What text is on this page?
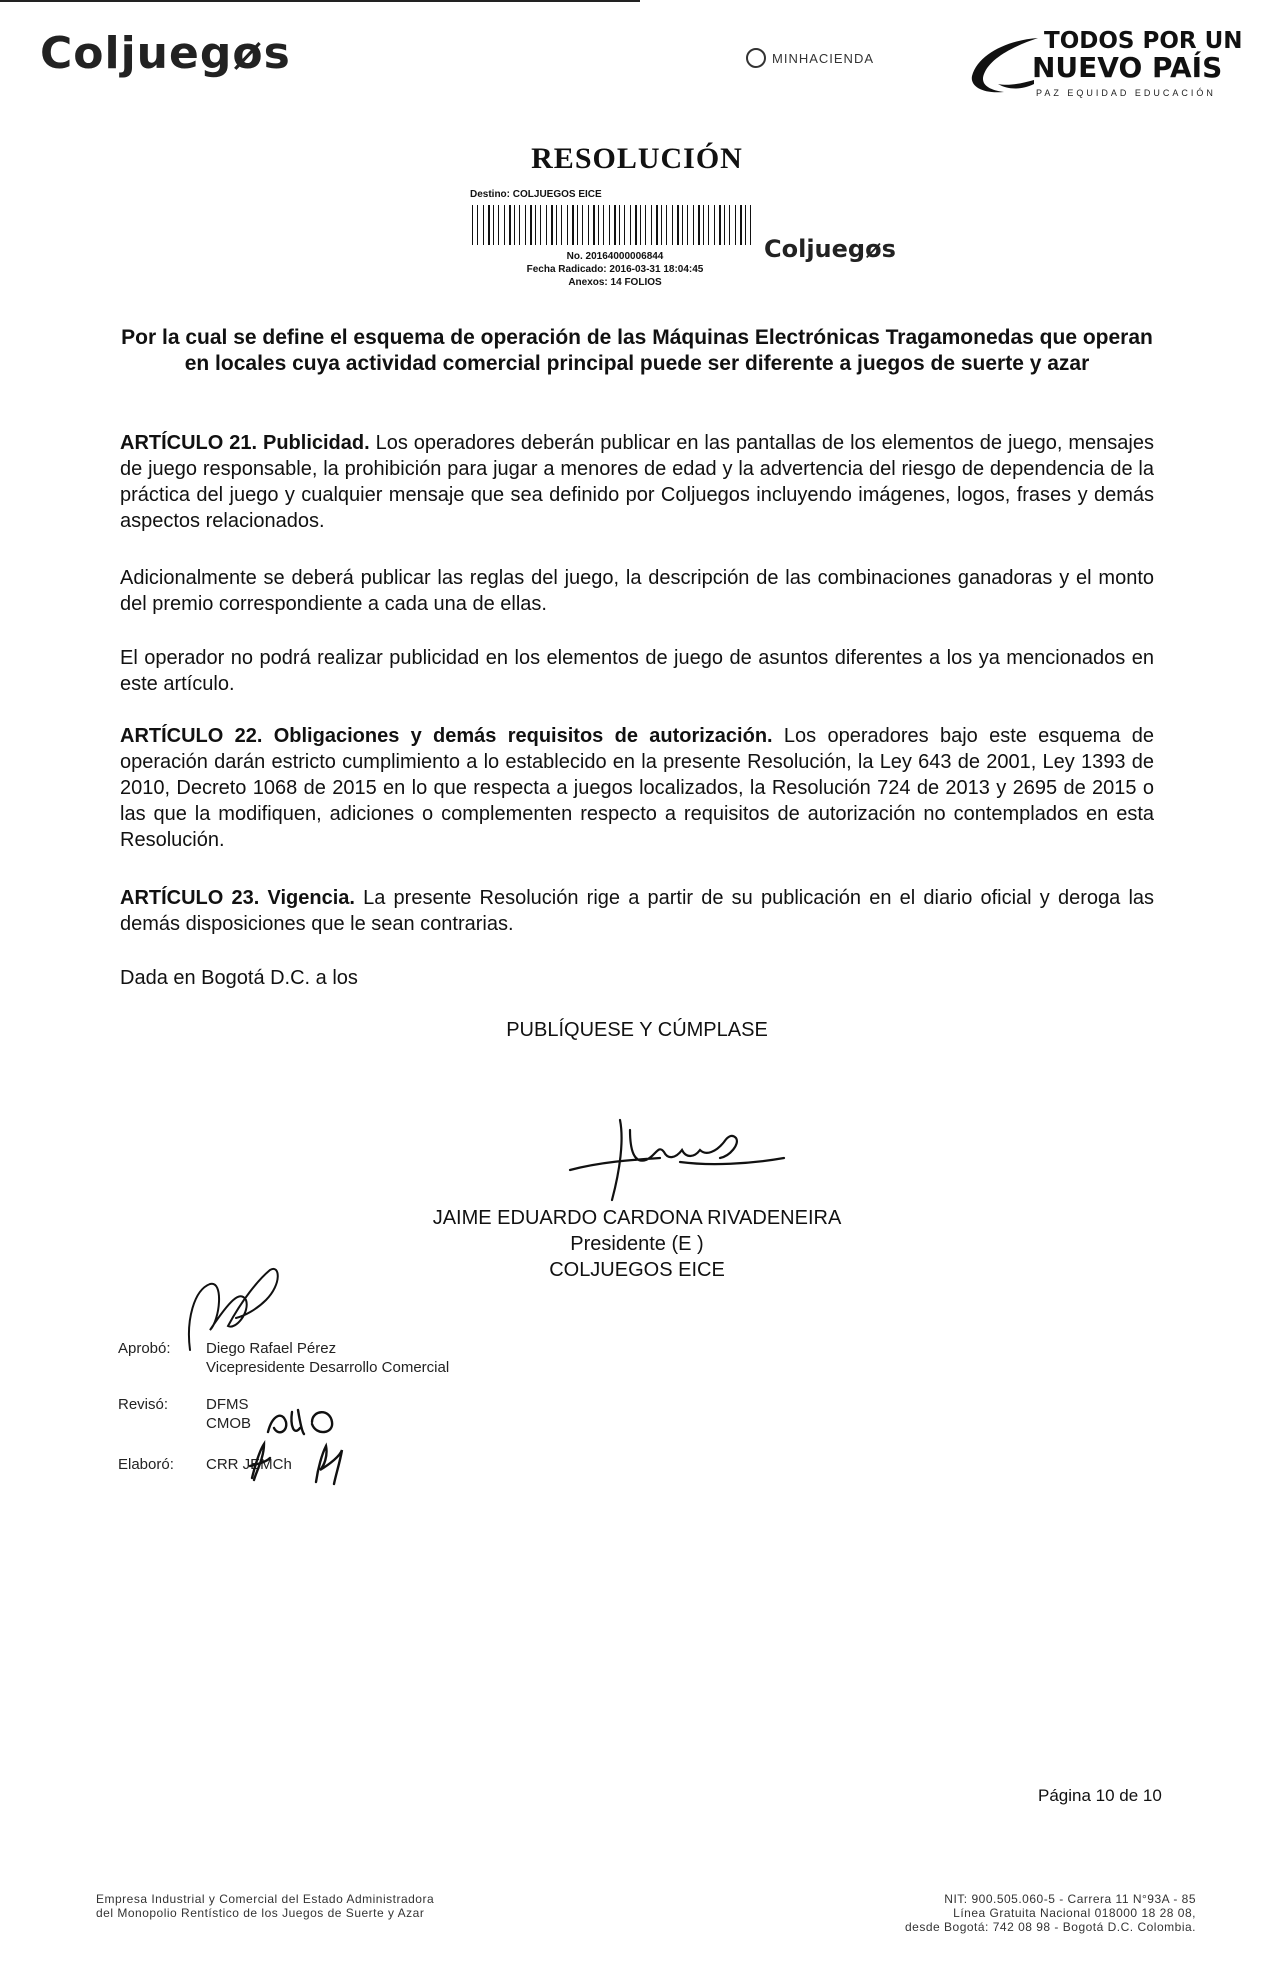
Coljuegøs	MINHACIENDA
TODOS POR UN
NUEVO PAÍS
PAZ EQUIDAD EDUCACIÓN
RESOLUCIÓN
Destino: COLJUEGOS EICE
No. 20164000006844
Fecha Radicado: 2016-03-31 18:04:45
Anexos: 14 FOLIOS
Coljuegøs
Por la cual se define el esquema de operación de las Máquinas Electrónicas Tragamonedas que operan en locales cuya actividad comercial principal puede ser diferente a juegos de suerte y azar
ARTÍCULO 21. Publicidad. Los operadores deberán publicar en las pantallas de los elementos de juego, mensajes de juego responsable, la prohibición para jugar a menores de edad y la advertencia del riesgo de dependencia de la práctica del juego y cualquier mensaje que sea definido por Coljuegos incluyendo imágenes, logos, frases y demás aspectos relacionados.
Adicionalmente se deberá publicar las reglas del juego, la descripción de las combinaciones ganadoras y el monto del premio correspondiente a cada una de ellas.
El operador no podrá realizar publicidad en los elementos de juego de asuntos diferentes a los ya mencionados en este artículo.
ARTÍCULO 22. Obligaciones y demás requisitos de autorización. Los operadores bajo este esquema de operación darán estricto cumplimiento a lo establecido en la presente Resolución, la Ley 643 de 2001, Ley 1393 de 2010, Decreto 1068 de 2015 en lo que respecta a juegos localizados, la Resolución 724 de 2013 y 2695 de 2015 o las que la modifiquen, adiciones o complementen respecto a requisitos de autorización no contemplados en esta Resolución.
ARTÍCULO 23. Vigencia. La presente Resolución rige a partir de su publicación en el diario oficial y deroga las demás disposiciones que le sean contrarias.
Dada en Bogotá D.C. a los
PUBLÍQUESE Y CÚMPLASE
JAIME EDUARDO CARDONA RIVADENEIRA
Presidente (E )
COLJUEGOS EICE
Aprobó: Diego Rafael Pérez
Vicepresidente Desarrollo Comercial
Revisó:	DFMS
CMOB
Elaboró: CRR JEMCh
Página 10 de 10
Empresa Industrial y Comercial del Estado Administradora
del Monopolio Rentístico de los Juegos de Suerte y Azar
NIT: 900.505.060-5 - Carrera 11 N°93A - 85
Línea Gratuita Nacional 018000 18 28 08,
desde Bogotá: 742 08 98 - Bogotá D.C. Colombia.
